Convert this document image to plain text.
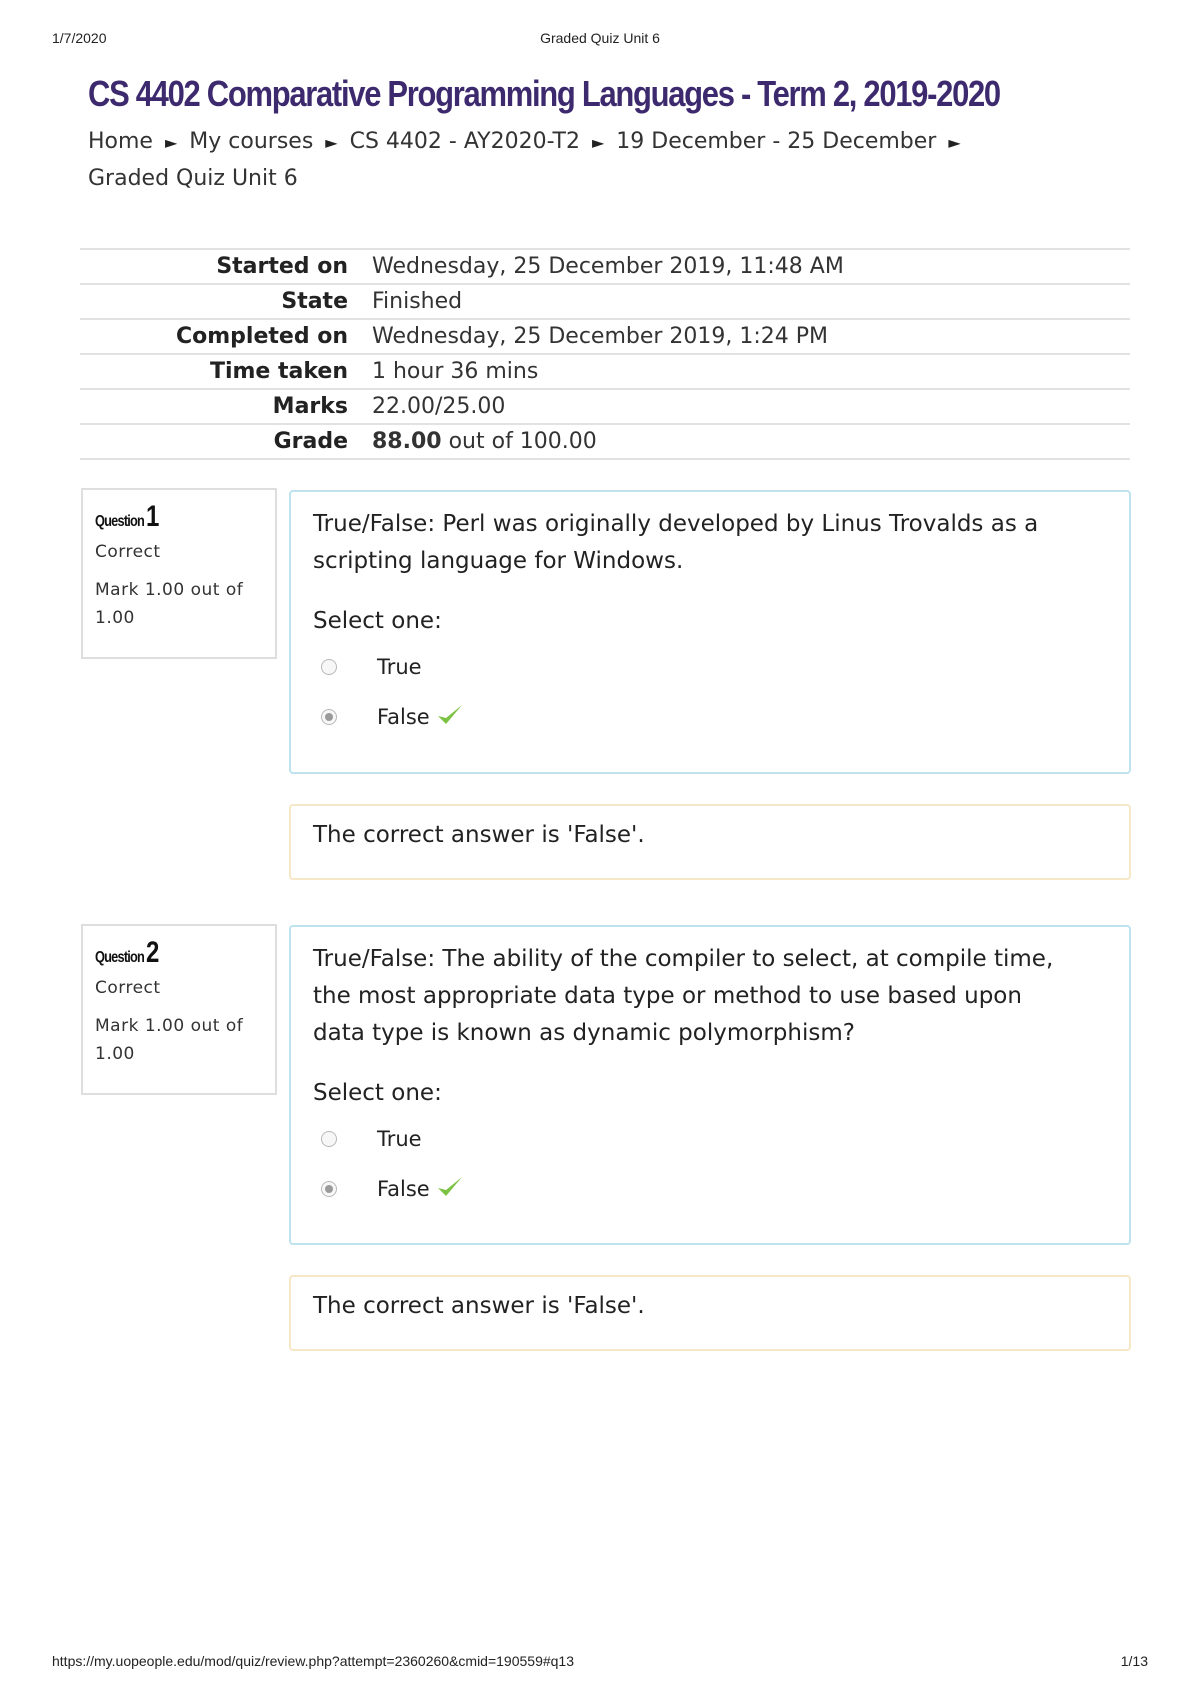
1/7/2020	Graded Quiz Unit 6
CS 4402 Comparative Programming Languages - Term 2, 2019-2020
Home ► My courses ► CS 4402 - AY2020-T2 ► 19 December - 25 December ►
Graded Quiz Unit 6
Started on	Wednesday, 25 December 2019, 11:48 AM
State	Finished
Completed on	Wednesday, 25 December 2019, 1:24 PM
Time taken	1 hour 36 mins
Marks	22.00/25.00
Grade	88.00 out of 100.00
Question1
Correct
Mark 1.00 out of 1.00
True/False: Perl was originally developed by Linus Trovalds as a scripting language for Windows.
Select one:
True
False
The correct answer is 'False'.
Question2
Correct
Mark 1.00 out of 1.00
True/False: The ability of the compiler to select, at compile time, the most appropriate data type or method to use based upon data type is known as dynamic polymorphism?
Select one:
True
False
The correct answer is 'False'.
https://my.uopeople.edu/mod/quiz/review.php?attempt=2360260&cmid=190559#q13	1/13
